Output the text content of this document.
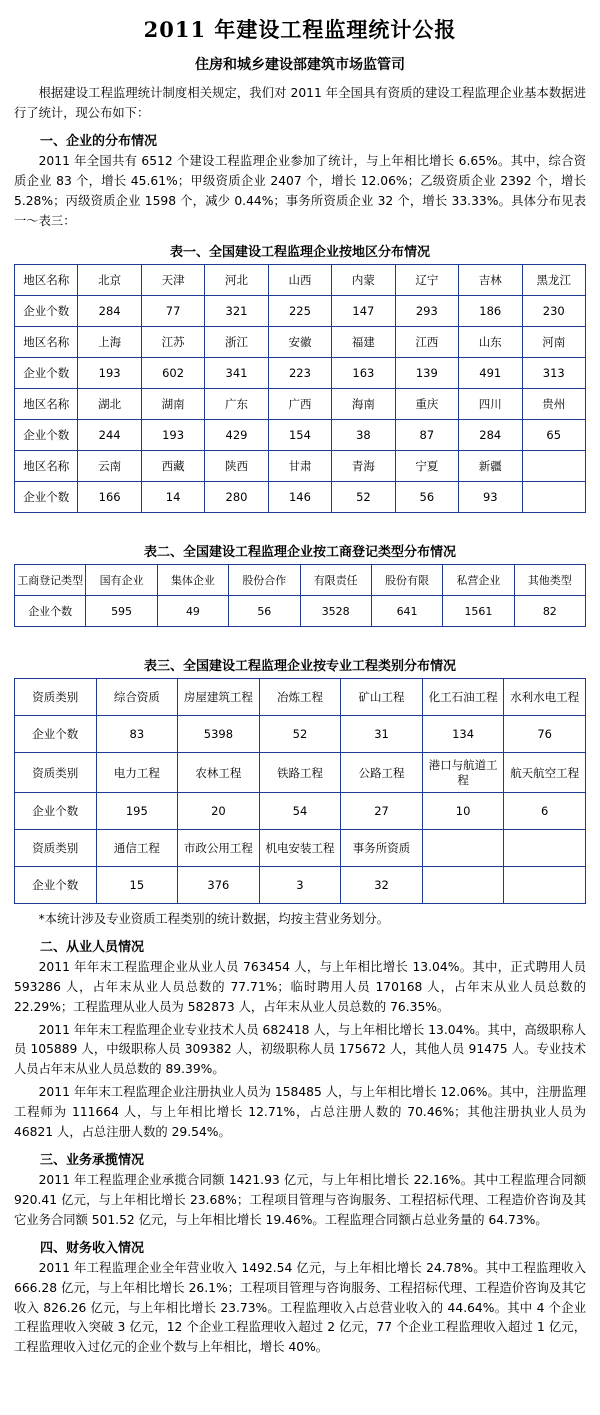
2011 年建设工程监理统计公报
住房和城乡建设部建筑市场监管司

根据建设工程监理统计制度相关规定，我们对 2011 年全国具有资质的建设工程监理企业基本数据进行了统计，现公布如下：

一、企业的分布情况

2011 年全国共有 6512 个建设工程监理企业参加了统计，与上年相比增长 6.65%。其中，综合资质企业 83 个，增长 45.61%；甲级资质企业 2407 个，增长 12.06%；乙级资质企业 2392 个，增长 5.28%；丙级资质企业 1598 个，减少 0.44%；事务所资质企业 32 个，增长 33.33%。具体分布见表一～表三：

表一、全国建设工程监理企业按地区分布情况
地区名称	北京	天津	河北	山西	内蒙	辽宁	吉林	黑龙江
企业个数	284	77	321	225	147	293	186	230
地区名称	上海	江苏	浙江	安徽	福建	江西	山东	河南
企业个数	193	602	341	223	163	139	491	313
地区名称	湖北	湖南	广东	广西	海南	重庆	四川	贵州
企业个数	244	193	429	154	38	87	284	65
地区名称	云南	西藏	陕西	甘肃	青海	宁夏	新疆	
企业个数	166	14	280	146	52	56	93	
表二、全国建设工程监理企业按工商登记类型分布情况
工商登记类型	国有企业	集体企业	股份合作	有限责任	股份有限	私营企业	其他类型
企业个数	595	49	56	3528	641	1561	82
表三、全国建设工程监理企业按专业工程类别分布情况
资质类别	综合资质	房屋建筑工程	冶炼工程	矿山工程	化工石油工程	水利水电工程
企业个数	83	5398	52	31	134	76
资质类别	电力工程	农林工程	铁路工程	公路工程	港口与航道工程	航天航空工程
企业个数	195	20	54	27	10	6
资质类别	通信工程	市政公用工程	机电安装工程	事务所资质		
企业个数	15	376	3	32		
*本统计涉及专业资质工程类别的统计数据，均按主营业务划分。
二、从业人员情况

2011 年年末工程监理企业从业人员 763454 人，与上年相比增长 13.04%。其中，正式聘用人员 593286 人，占年末从业人员总数的 77.71%；临时聘用人员 170168 人，占年末从业人员总数的 22.29%；工程监理从业人员为 582873 人，占年末从业人员总数的 76.35%。

2011 年年末工程监理企业专业技术人员 682418 人，与上年相比增长 13.04%。其中，高级职称人员 105889 人，中级职称人员 309382 人，初级职称人员 175672 人，其他人员 91475 人。专业技术人员占年末从业人员总数的 89.39%。

2011 年年末工程监理企业注册执业人员为 158485 人，与上年相比增长 12.06%。其中，注册监理工程师为 111664 人，与上年相比增长 12.71%，占总注册人数的 70.46%；其他注册执业人员为 46821 人，占总注册人数的 29.54%。

三、业务承揽情况

2011 年工程监理企业承揽合同额 1421.93 亿元，与上年相比增长 22.16%。其中工程监理合同额 920.41 亿元，与上年相比增长 23.68%；工程项目管理与咨询服务、工程招标代理、工程造价咨询及其它业务合同额 501.52 亿元，与上年相比增长 19.46%。工程监理合同额占总业务量的 64.73%。

四、财务收入情况

2011 年工程监理企业全年营业收入 1492.54 亿元，与上年相比增长 24.78%。其中工程监理收入 666.28 亿元，与上年相比增长 26.1%；工程项目管理与咨询服务、工程招标代理、工程造价咨询及其它收入 826.26 亿元，与上年相比增长 23.73%。工程监理收入占总营业收入的 44.64%。其中 4 个企业工程监理收入突破 3 亿元，12 个企业工程监理收入超过 2 亿元，77 个企业工程监理收入超过 1 亿元，工程监理收入过亿元的企业个数与上年相比，增长 40%。
